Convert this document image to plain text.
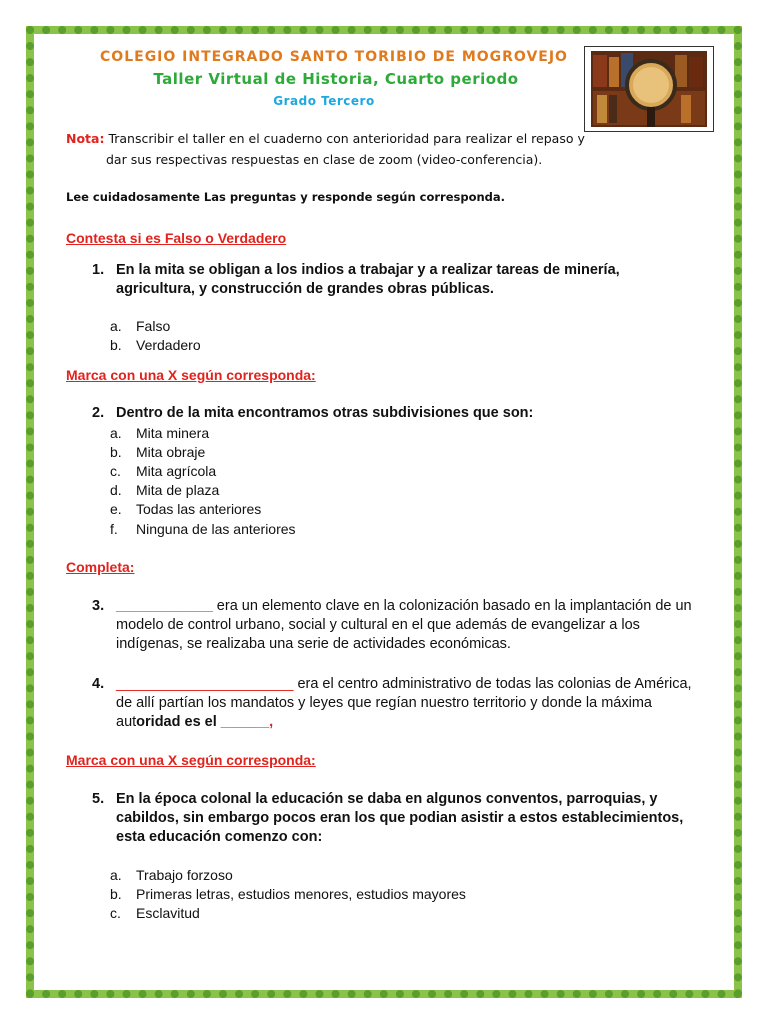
COLEGIO INTEGRADO SANTO TORIBIO DE MOGROVEJO
Taller Virtual de Historia, Cuarto periodo
Grado Tercero
Nota: Transcribir el taller en el cuaderno con anterioridad para realizar el repaso y
dar sus respectivas respuestas en clase de zoom (video-conferencia).
Lee cuidadosamente Las preguntas y responde según corresponda.
Contesta si es Falso o Verdadero
1. En la mita se obligan a los indios a trabajar y a realizar tareas de minería,
agricultura, y construcción de grandes obras públicas.
a. Falso
b. Verdadero
Marca con una X según corresponda:
2. Dentro de la mita encontramos otras subdivisiones que son:
a. Mita minera
b. Mita obraje
c. Mita agrícola
d. Mita de plaza
e. Todas las anteriores
f. Ninguna de las anteriores
Completa:
3. ____________ era un elemento clave en la colonización basado en la implantación de un
modelo de control urbano, social y cultural en el que además de evangelizar a los
indígenas, se realizaba una serie de actividades económicas.
4. ______________________ era el centro administrativo de todas las colonias de América,
de allí partían los mandatos y leyes que regían nuestro territorio y donde la máxima
autoridad es el ______,
Marca con una X según corresponda:
5. En la época colonal la educación se daba en algunos conventos, parroquias, y
cabildos, sin embargo pocos eran los que podian asistir a estos establecimientos,
esta educación comenzo con:
a. Trabajo forzoso
b. Primeras letras, estudios menores, estudios mayores
c. Esclavitud
